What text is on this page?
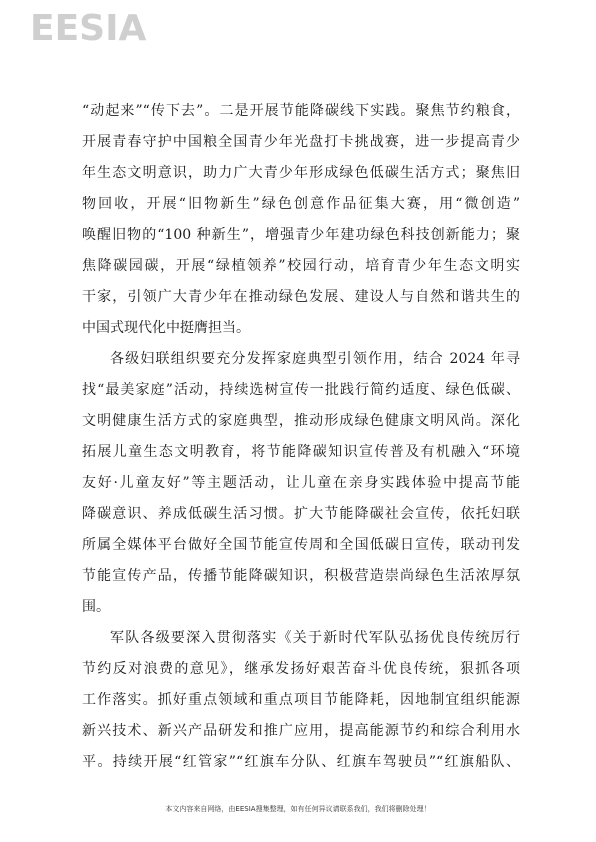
EESIA
“动起来”“传下去”。二是开展节能降碳线下实践。聚焦节约粮食，
开展青春守护中国粮全国青少年光盘打卡挑战赛，进一步提高青少
年生态文明意识，助力广大青少年形成绿色低碳生活方式；聚焦旧
物回收，开展“旧物新生”绿色创意作品征集大赛，用“微创造”
唤醒旧物的“100 种新生”，增强青少年建功绿色科技创新能力；聚
焦降碳园碳，开展“绿植领养”校园行动，培育青少年生态文明实
干家，引领广大青少年在推动绿色发展、建设人与自然和谐共生的
中国式现代化中挺膺担当。
各级妇联组织要充分发挥家庭典型引领作用，结合 2024 年寻
找“最美家庭”活动，持续选树宣传一批践行简约适度、绿色低碳、
文明健康生活方式的家庭典型，推动形成绿色健康文明风尚。深化
拓展儿童生态文明教育，将节能降碳知识宣传普及有机融入“环境
友好·儿童友好”等主题活动，让儿童在亲身实践体验中提高节能
降碳意识、养成低碳生活习惯。扩大节能降碳社会宣传，依托妇联
所属全媒体平台做好全国节能宣传周和全国低碳日宣传，联动刊发
节能宣传产品，传播节能降碳知识，积极营造崇尚绿色生活浓厚氛
围。
军队各级要深入贯彻落实《关于新时代军队弘扬优良传统厉行
节约反对浪费的意见》，继承发扬好艰苦奋斗优良传统，狠抓各项
工作落实。抓好重点领域和重点项目节能降耗，因地制宜组织能源
新兴技术、新兴产品研发和推广应用，提高能源节约和综合利用水
平。持续开展“红管家”“红旗车分队、红旗车驾驶员”“红旗船队、
本文内容来自网络，由EESIA搜集整理，如有任何异议请联系我们，我们将删除处理！
